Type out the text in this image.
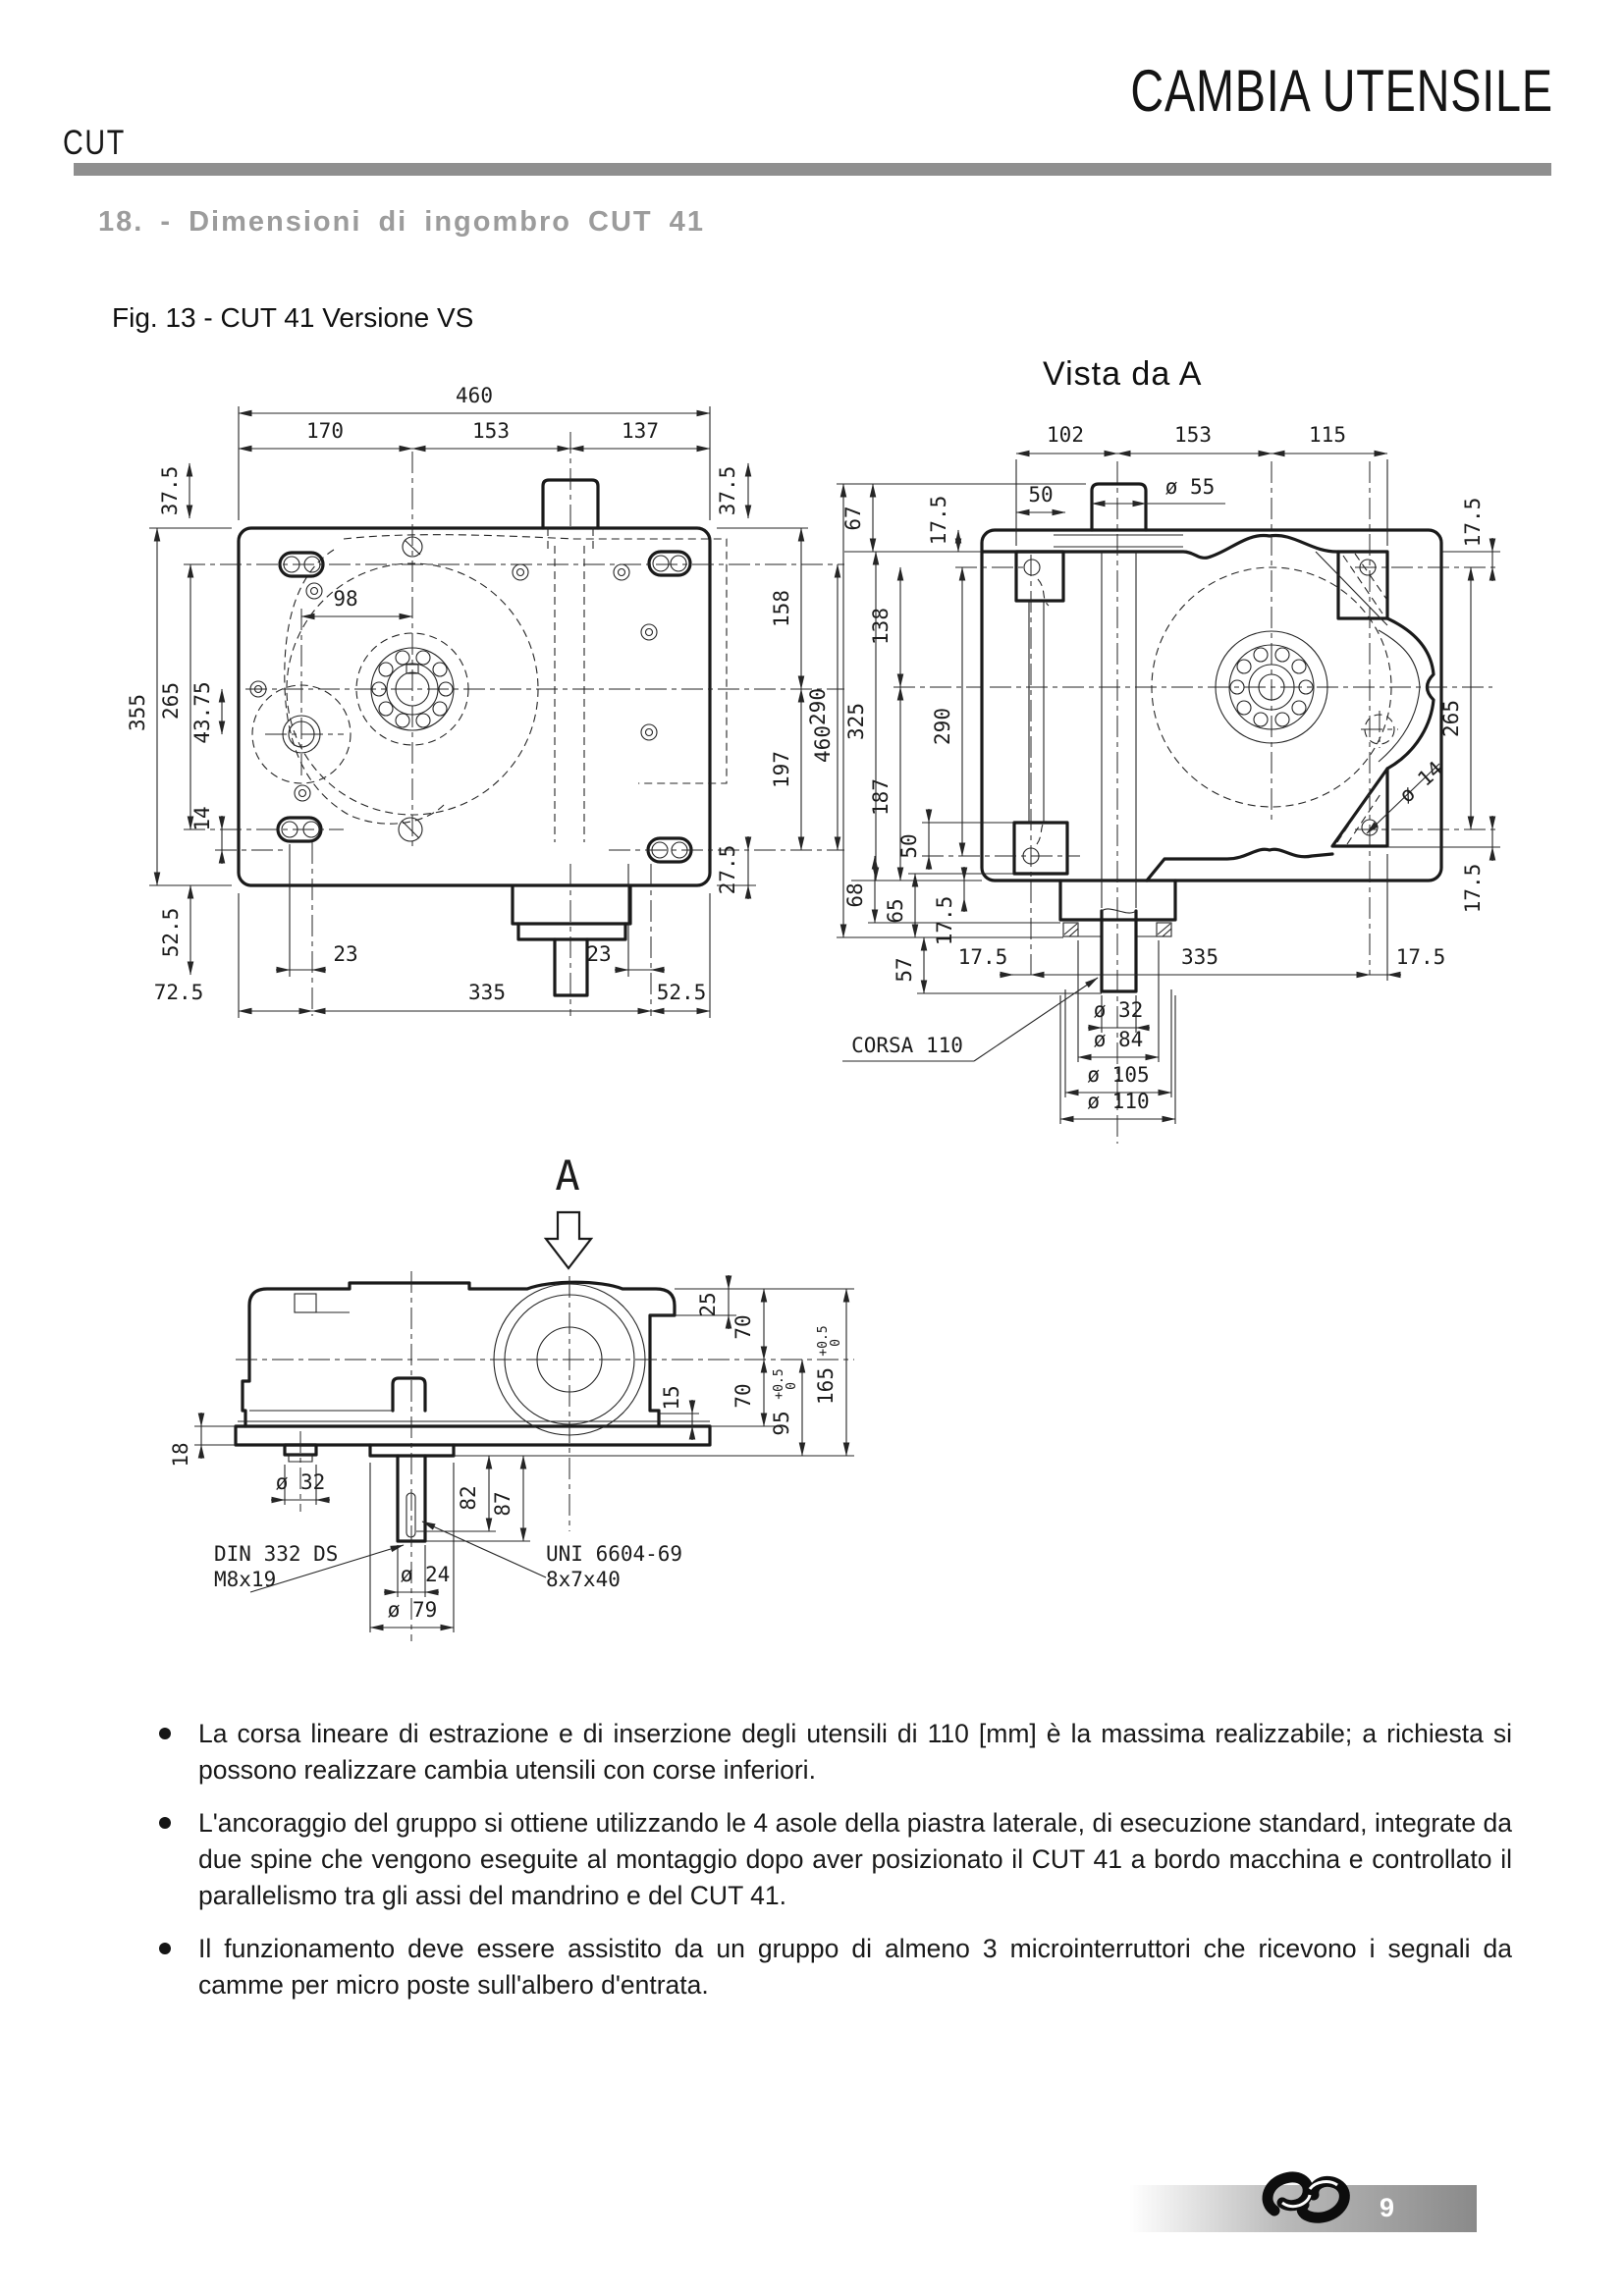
CUT
CAMBIA UTENSILE
18. - Dimensioni di ingombro CUT 41
Fig. 13 - CUT 41 Versione VS
Vista da A
460
170	153	137
37.5	37.5
98
355 265 43.75
14
52.5
158
290
197
27.5
23	23
72.5	335	52.5
102	153	115
ø 55
50
67
460
325
138
187
290
50
65
68
17.5
57
17.5	17.5
265
17.5
ø 14
17.5	335	17.5
ø 32
ø 84
ø 105
ø 110
CORSA 110
A
18
ø 32
82 87
DIN 332 DS
M8x19
UNI 6604-69
8x7x40
ø 24
ø 79
25
70
70
15
95
+0.5
0 165
+0.5
0

La corsa lineare di estrazione e di inserzione degli utensili di 110 [mm] è la massima realizzabile; a richiesta si possono realizzare cambia utensili con corse inferiori.

L'ancoraggio del gruppo si ottiene utilizzando le 4 asole della piastra laterale, di esecuzione standard, integrate da due spine che vengono eseguite al montaggio dopo aver posizionato il CUT 41 a bordo macchina e controllato il parallelismo tra gli assi del mandrino e del CUT 41.

Il funzionamento deve essere assistito da un gruppo di almeno 3 microinterruttori che ricevono i segnali da camme per micro poste sull'albero d'entrata.

9
